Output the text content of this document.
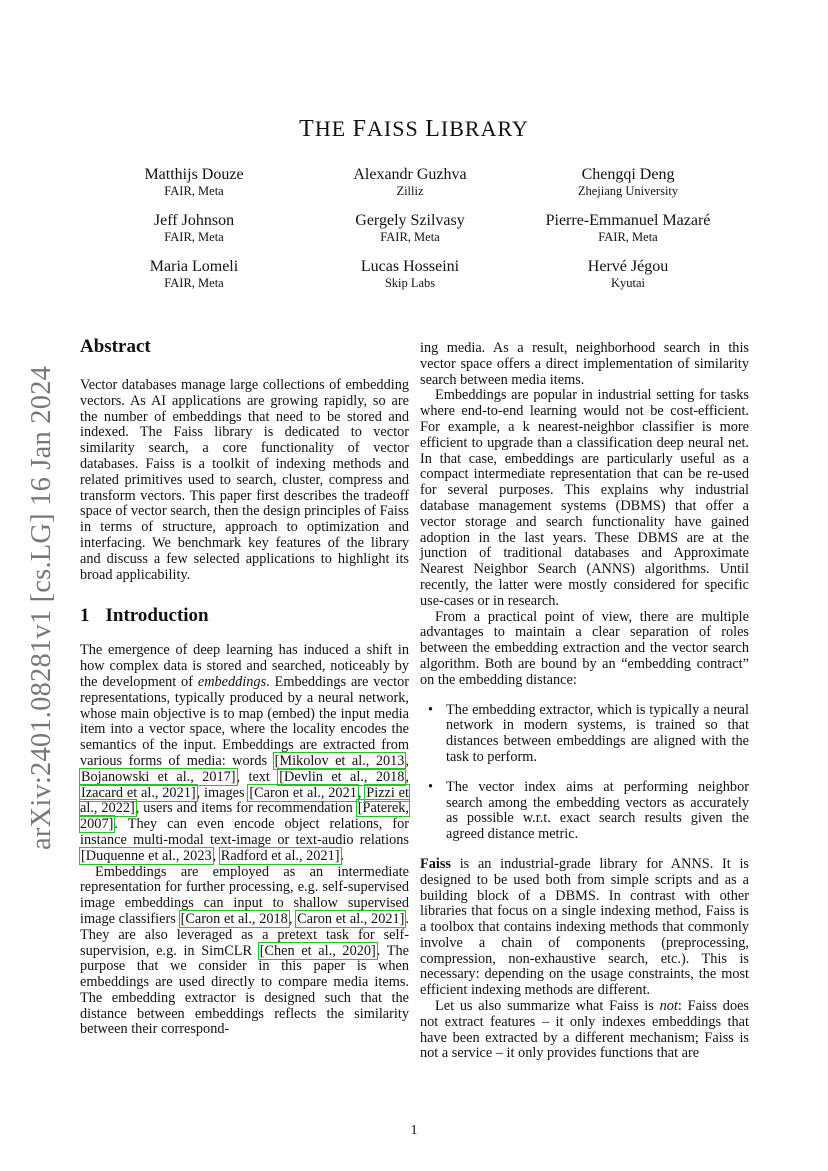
arXiv:2401.08281v1 [cs.LG] 16 Jan 2024
THE FAISS LIBRARY
Matthijs Douze
FAIR, Meta
Alexandr Guzhva
Zilliz
Chengqi Deng
Zhejiang University
Jeff Johnson
FAIR, Meta
Gergely Szilvasy
FAIR, Meta
Pierre-Emmanuel Mazaré
FAIR, Meta
Maria Lomeli
FAIR, Meta
Lucas Hosseini
Skip Labs
Hervé Jégou
Kyutai
Abstract

Vector databases manage large collections of embedding vectors. As AI applications are growing rapidly, so are the number of embeddings that need to be stored and indexed. The Faiss library is dedicated to vector similarity search, a core functionality of vector databases. Faiss is a toolkit of indexing methods and related primitives used to search, cluster, compress and transform vectors. This paper first describes the tradeoff space of vector search, then the design principles of Faiss in terms of structure, approach to optimization and interfacing. We benchmark key features of the library and discuss a few selected applications to highlight its broad applicability.

1 Introduction

The emergence of deep learning has induced a shift in how complex data is stored and searched, noticeably by the development of embeddings. Embeddings are vector representations, typically produced by a neural network, whose main objective is to map (embed) the input media item into a vector space, where the locality encodes the semantics of the input. Embeddings are extracted from various forms of media: words [Mikolov et al., 2013, Bojanowski et al., 2017], text [Devlin et al., 2018, Izacard et al., 2021], images [Caron et al., 2021, Pizzi et al., 2022], users and items for recommendation [Paterek, 2007]. They can even encode object relations, for instance multi-modal text-image or text-audio relations [Duquenne et al., 2023, Radford et al., 2021].

Embeddings are employed as an intermediate representation for further processing, e.g. self-supervised image embeddings can input to shallow supervised image classifiers [Caron et al., 2018, Caron et al., 2021]. They are also leveraged as a pretext task for self-supervision, e.g. in SimCLR [Chen et al., 2020]. The purpose that we consider in this paper is when embeddings are used directly to compare media items. The embedding extractor is designed such that the distance between embeddings reflects the similarity between their correspond-

ing media. As a result, neighborhood search in this vector space offers a direct implementation of similarity search between media items.

Embeddings are popular in industrial setting for tasks where end-to-end learning would not be cost-efficient. For example, a k nearest-neighbor classifier is more efficient to upgrade than a classification deep neural net. In that case, embeddings are particularly useful as a compact intermediate representation that can be re-used for several purposes. This explains why industrial database management systems (DBMS) that offer a vector storage and search functionality have gained adoption in the last years. These DBMS are at the junction of traditional databases and Approximate Nearest Neighbor Search (ANNS) algorithms. Until recently, the latter were mostly considered for specific use-cases or in research.

From a practical point of view, there are multiple advantages to maintain a clear separation of roles between the embedding extraction and the vector search algorithm. Both are bound by an “embedding contract” on the embedding distance:

• The embedding extractor, which is typically a neural network in modern systems, is trained so that distances between embeddings are aligned with the task to perform.
• The vector index aims at performing neighbor search among the embedding vectors as accurately as possible w.r.t. exact search results given the agreed distance metric.

Faiss is an industrial-grade library for ANNS. It is designed to be used both from simple scripts and as a building block of a DBMS. In contrast with other libraries that focus on a single indexing method, Faiss is a toolbox that contains indexing methods that commonly involve a chain of components (preprocessing, compression, non-exhaustive search, etc.). This is necessary: depending on the usage constraints, the most efficient indexing methods are different.

Let us also summarize what Faiss is not: Faiss does not extract features – it only indexes embeddings that have been extracted by a different mechanism; Faiss is not a service – it only provides functions that are

1
